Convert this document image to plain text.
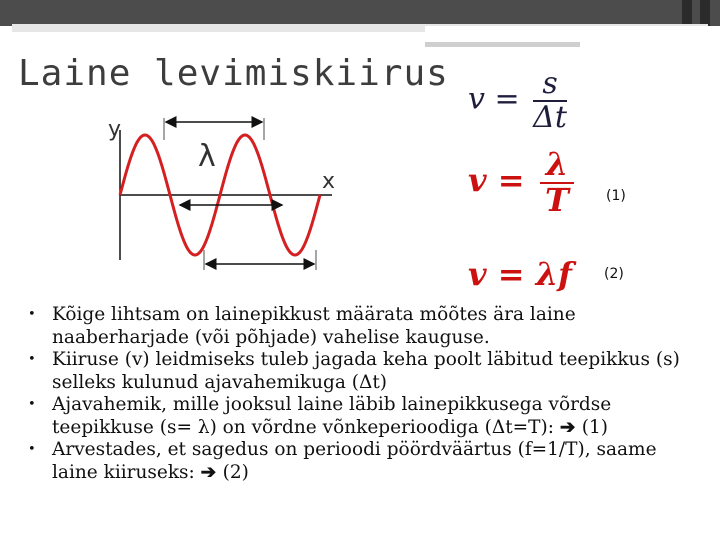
Laine levimiskiirus
y
x
λ
$v = \frac{s}{\Delta t}$
$v = \frac{\lambda}{T}$
v = λf
(1)
(2)
• Kõige lihtsam on lainepikkust määrata mõõtes ära laine naaberharjade (või põhjade) vahelise kauguse.
• Kiiruse (v) leidmiseks tuleb jagada keha poolt läbitud teepikkus (s) selleks kulunud ajavahemikuga (Δt)
• Ajavahemik, mille jooksul laine läbib lainepikkusega võrdse teepikkuse (s= λ) on võrdne võnkeperioodiga (Δt=T): ➔ (1)
• Arvestades, et sagedus on perioodi pöördväärtus (f=1/T), saame laine kiiruseks: ➔ (2)
